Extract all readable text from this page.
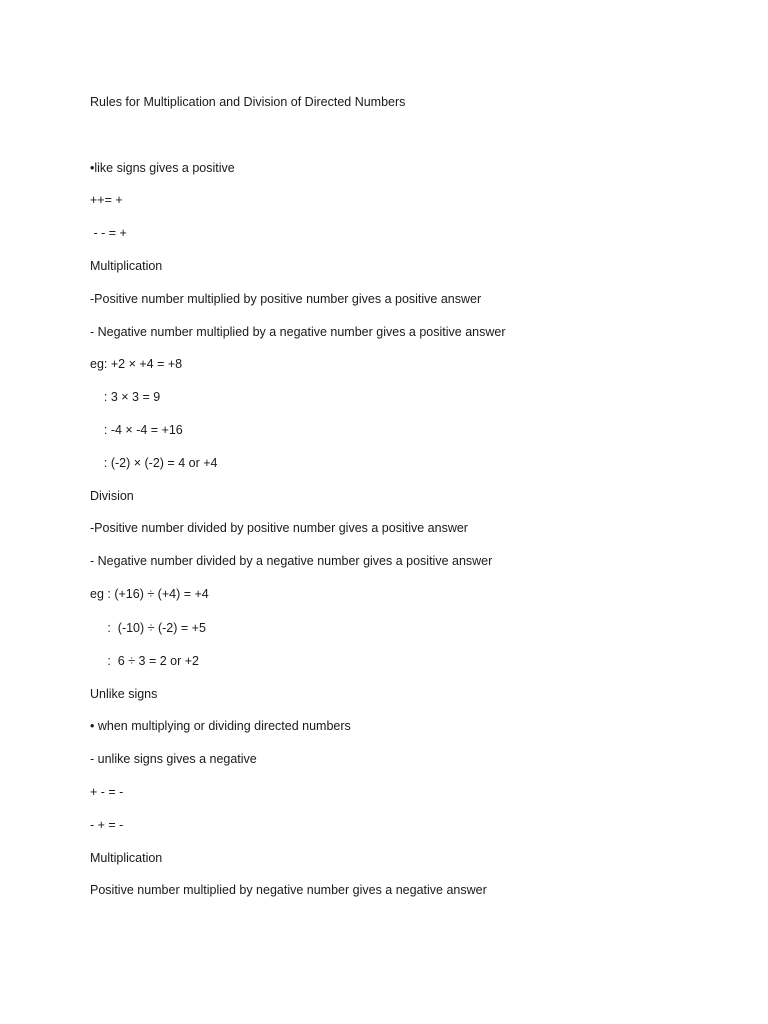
Rules for Multiplication and Division of Directed Numbers
•like signs gives a positive
++= +
- - = +
Multiplication
-Positive number multiplied by positive number gives a positive answer
- Negative number multiplied by a negative number gives a positive answer
eg: +2 × +4 = +8
: 3 × 3 = 9
: -4 × -4 = +16
: (-2) × (-2) = 4 or +4
Division
-Positive number divided by positive number gives a positive answer
- Negative number divided by a negative number gives a positive answer
eg : (+16) ÷ (+4) = +4
:  (-10) ÷ (-2) = +5
:  6 ÷ 3 = 2 or +2
Unlike signs
• when multiplying or dividing directed numbers
- unlike signs gives a negative
+ - = -
- + = -
Multiplication
Positive number multiplied by negative number gives a negative answer
